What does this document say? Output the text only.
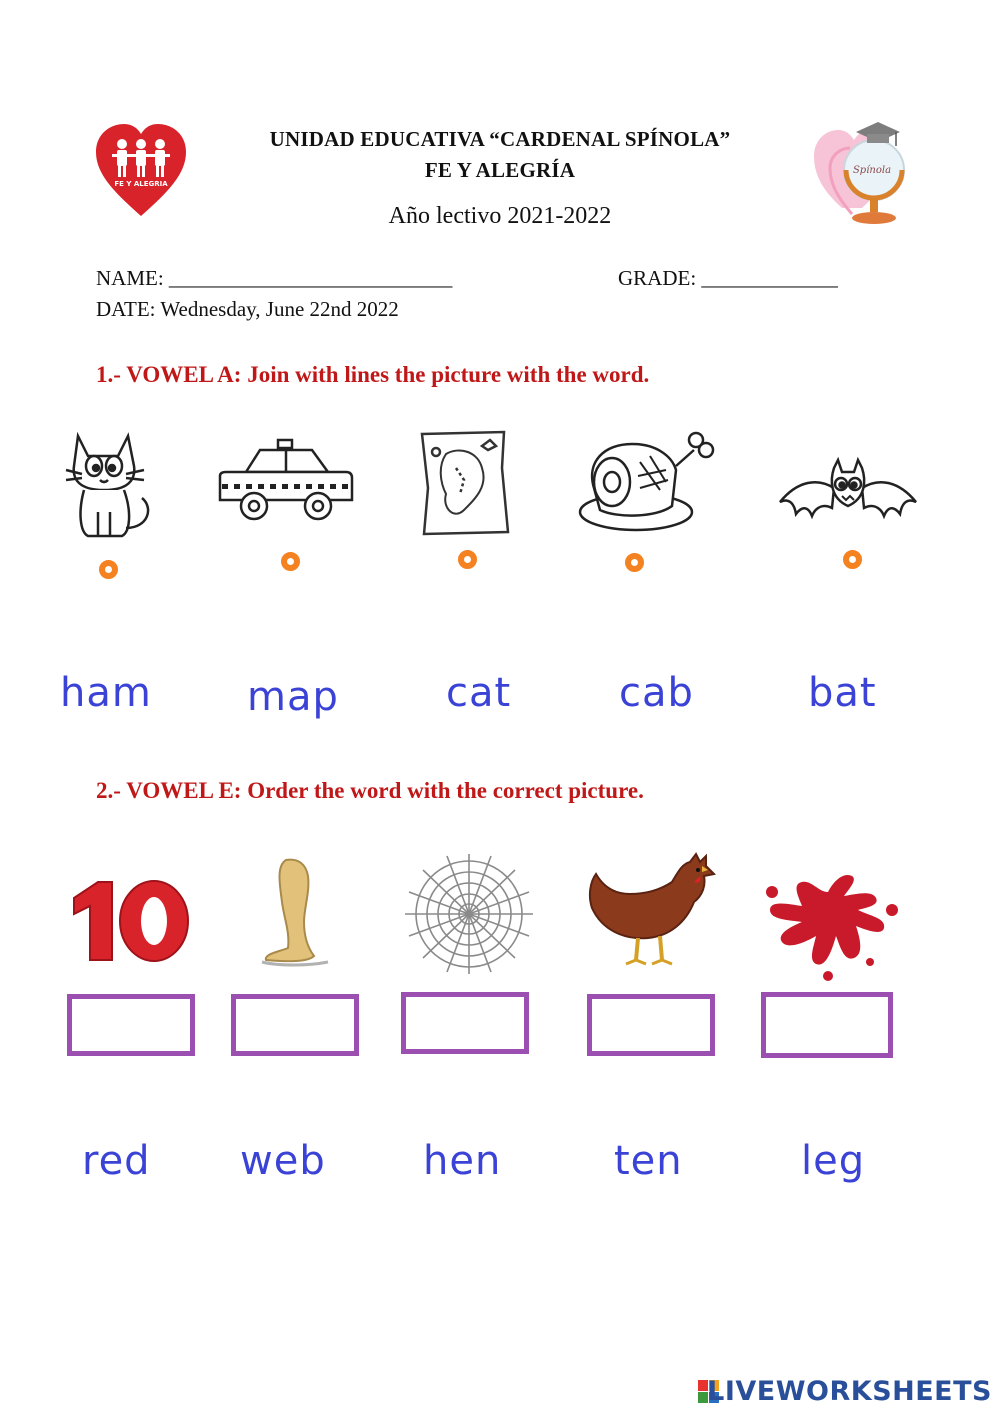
FE Y ALEGRIA
UNIDAD EDUCATIVA “CARDENAL SPÍNOLA”
FE Y ALEGRÍA
Año lectivo 2021-2022
Spínola
NAME: ___________________________	GRADE: _____________
DATE: Wednesday, June 22nd 2022
1.- VOWEL A: Join with lines the picture with the word.
ham map	cat	cab	bat
2.- VOWEL E: Order the word with the correct picture.
red web hen	ten	leg
LIVEWORKSHEETS
